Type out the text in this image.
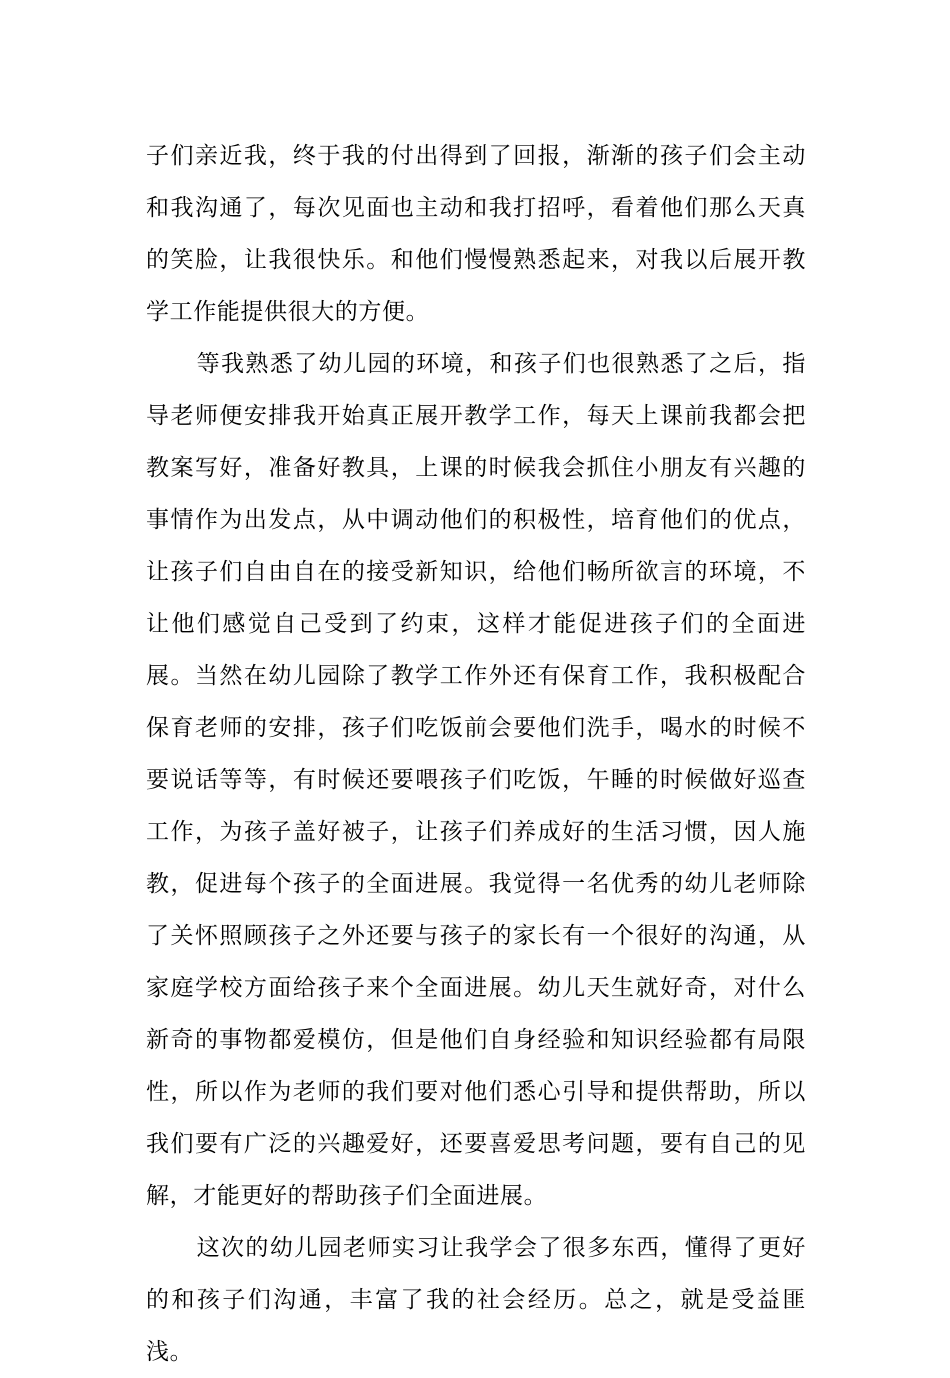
子们亲近我，终于我的付出得到了回报，渐渐的孩子们会主动和我沟通了，每次见面也主动和我打招呼，看着他们那么天真的笑脸，让我很快乐。和他们慢慢熟悉起来，对我以后展开教学工作能提供很大的方便。

等我熟悉了幼儿园的环境，和孩子们也很熟悉了之后，指导老师便安排我开始真正展开教学工作，每天上课前我都会把教案写好，准备好教具，上课的时候我会抓住小朋友有兴趣的事情作为出发点，从中调动他们的积极性，培育他们的优点，让孩子们自由自在的接受新知识，给他们畅所欲言的环境，不让他们感觉自己受到了约束，这样才能促进孩子们的全面进展。当然在幼儿园除了教学工作外还有保育工作，我积极配合保育老师的安排，孩子们吃饭前会要他们洗手，喝水的时候不要说话等等，有时候还要喂孩子们吃饭，午睡的时候做好巡查工作，为孩子盖好被子，让孩子们养成好的生活习惯，因人施教，促进每个孩子的全面进展。我觉得一名优秀的幼儿老师除了关怀照顾孩子之外还要与孩子的家长有一个很好的沟通，从家庭学校方面给孩子来个全面进展。幼儿天生就好奇，对什么新奇的事物都爱模仿，但是他们自身经验和知识经验都有局限性，所以作为老师的我们要对他们悉心引导和提供帮助，所以我们要有广泛的兴趣爱好，还要喜爱思考问题，要有自己的见解，才能更好的帮助孩子们全面进展。

这次的幼儿园老师实习让我学会了很多东西，懂得了更好的和孩子们沟通，丰富了我的社会经历。总之，就是受益匪浅。
